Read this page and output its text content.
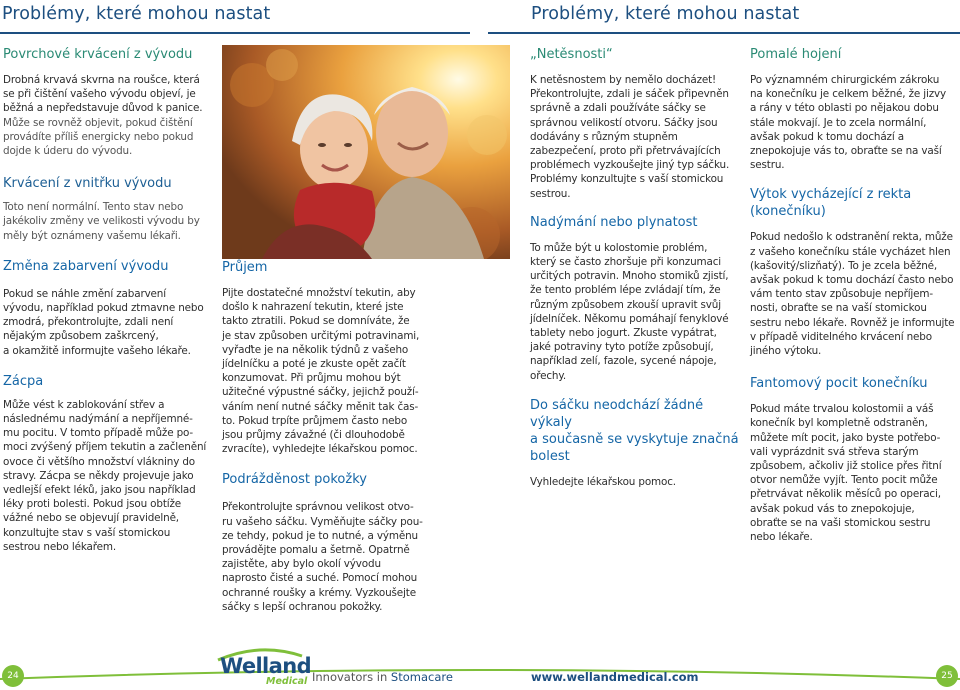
Problémy, které mohou nastat	Problémy, které mohou nastat

Povrchové krvácení z vývodu

Drobná krvavá skvrna na roušce, která
se při čištění vašeho vývodu objeví, je
běžná a nepředstavuje důvod k panice.
Může se rovněž objevit, pokud čištění
provádíte příliš energicky nebo pokud
dojde k úderu do vývodu.

Krvácení z vnitřku vývodu

Toto není normální. Tento stav nebo
jakékoliv změny ve velikosti vývodu by
měly být oznámeny vašemu lékaři.

Změna zabarvení vývodu

Pokud se náhle změní zabarvení
vývodu, například pokud ztmavne nebo
zmodrá, překontrolujte, zdali není
nějakým způsobem zaškrcený,
a okamžitě informujte vašeho lékaře.

Zácpa

Může vést k zablokování střev a
následnému nadýmání a nepříjemné-
mu pocitu. V tomto případě může po-
moci zvýšený příjem tekutin a začlenění
ovoce či většího množství vlákniny do
stravy. Zácpa se někdy projevuje jako
vedlejší efekt léků, jako jsou například
léky proti bolesti. Pokud jsou obtíže
vážné nebo se objevují pravidelně,
konzultujte stav s vaší stomickou
sestrou nebo lékařem.

Průjem

Pijte dostatečné množství tekutin, aby
došlo k nahrazení tekutin, které jste
takto ztratili. Pokud se domníváte, že
je stav způsoben určitými potravinami,
vyřaďte je na několik týdnů z vašeho
jídelníčku a poté je zkuste opět začít
konzumovat. Při průjmu mohou být
užitečné výpustné sáčky, jejichž použí-
váním není nutné sáčky měnit tak čas-
to. Pokud trpíte průjmem často nebo
jsou průjmy závažné (či dlouhodobě
zvracíte), vyhledejte lékařskou pomoc.

Podrážděnost pokožky

Překontrolujte správnou velikost otvo-
ru vašeho sáčku. Vyměňujte sáčky pou-
ze tehdy, pokud je to nutné, a výměnu
provádějte pomalu a šetrně. Opatrně
zajistěte, aby bylo okolí vývodu
naprosto čisté a suché. Pomocí mohou
ochranné roušky a krémy. Vyzkoušejte
sáčky s lepší ochranou pokožky.

„Netěsnosti“

K netěsnostem by nemělo docházet!
Překontrolujte, zdali je sáček připevněn
správně a zdali používáte sáčky se
správnou velikostí otvoru. Sáčky jsou
dodávány s různým stupněm
zabezpečení, proto při přetrvávajících
problémech vyzkoušejte jiný typ sáčku.
Problémy konzultujte s vaší stomickou
sestrou.

Nadýmání nebo plynatost

To může být u kolostomie problém,
který se často zhoršuje při konzumaci
určitých potravin. Mnoho stomiků zjistí,
že tento problém lépe zvládají tím, že
různým způsobem zkouší upravit svůj
jídelníček. Někomu pomáhají fenyklové
tablety nebo jogurt. Zkuste vypátrat,
jaké potraviny tyto potíže způsobují,
například zelí, fazole, sycené nápoje,
ořechy.
Do sáčku neodchází žádné výkaly
a současně se vyskytuje značná
bolest
Vyhledejte lékařskou pomoc.

Pomalé hojení

Po významném chirurgickém zákroku
na konečníku je celkem běžné, že jizvy
a rány v této oblasti po nějakou dobu
stále mokvají. Je to zcela normální,
avšak pokud k tomu dochází a
znepokojuje vás to, obraťte se na vaší
sestru.
Výtok vycházející z rekta
(konečníku)
Pokud nedošlo k odstranění rekta, může
z vašeho konečníku stále vycházet hlen
(kašovitý/slizňatý). To je zcela běžné,
avšak pokud k tomu dochází často nebo
vám tento stav způsobuje nepříjem-
nosti, obraťte se na vaší stomickou
sestru nebo lékaře. Rovněž je informujte
v případě viditelného krvácení nebo
jiného výtoku.

Fantomový pocit konečníku

Pokud máte trvalou kolostomii a váš
konečník byl kompletně odstraněn,
můžete mít pocit, jako byste potřebo-
vali vyprázdnit svá střeva starým
způsobem, ačkoliv již stolice přes řitní
otvor nemůže vyjít. Tento pocit může
přetrvávat několik měsíců po operaci,
avšak pokud vás to znepokojuje,
obraťte se na vaši stomickou sestru
nebo lékaře.
24	25
Welland
Medical Innovators in Stomacare	www.wellandmedical.com
